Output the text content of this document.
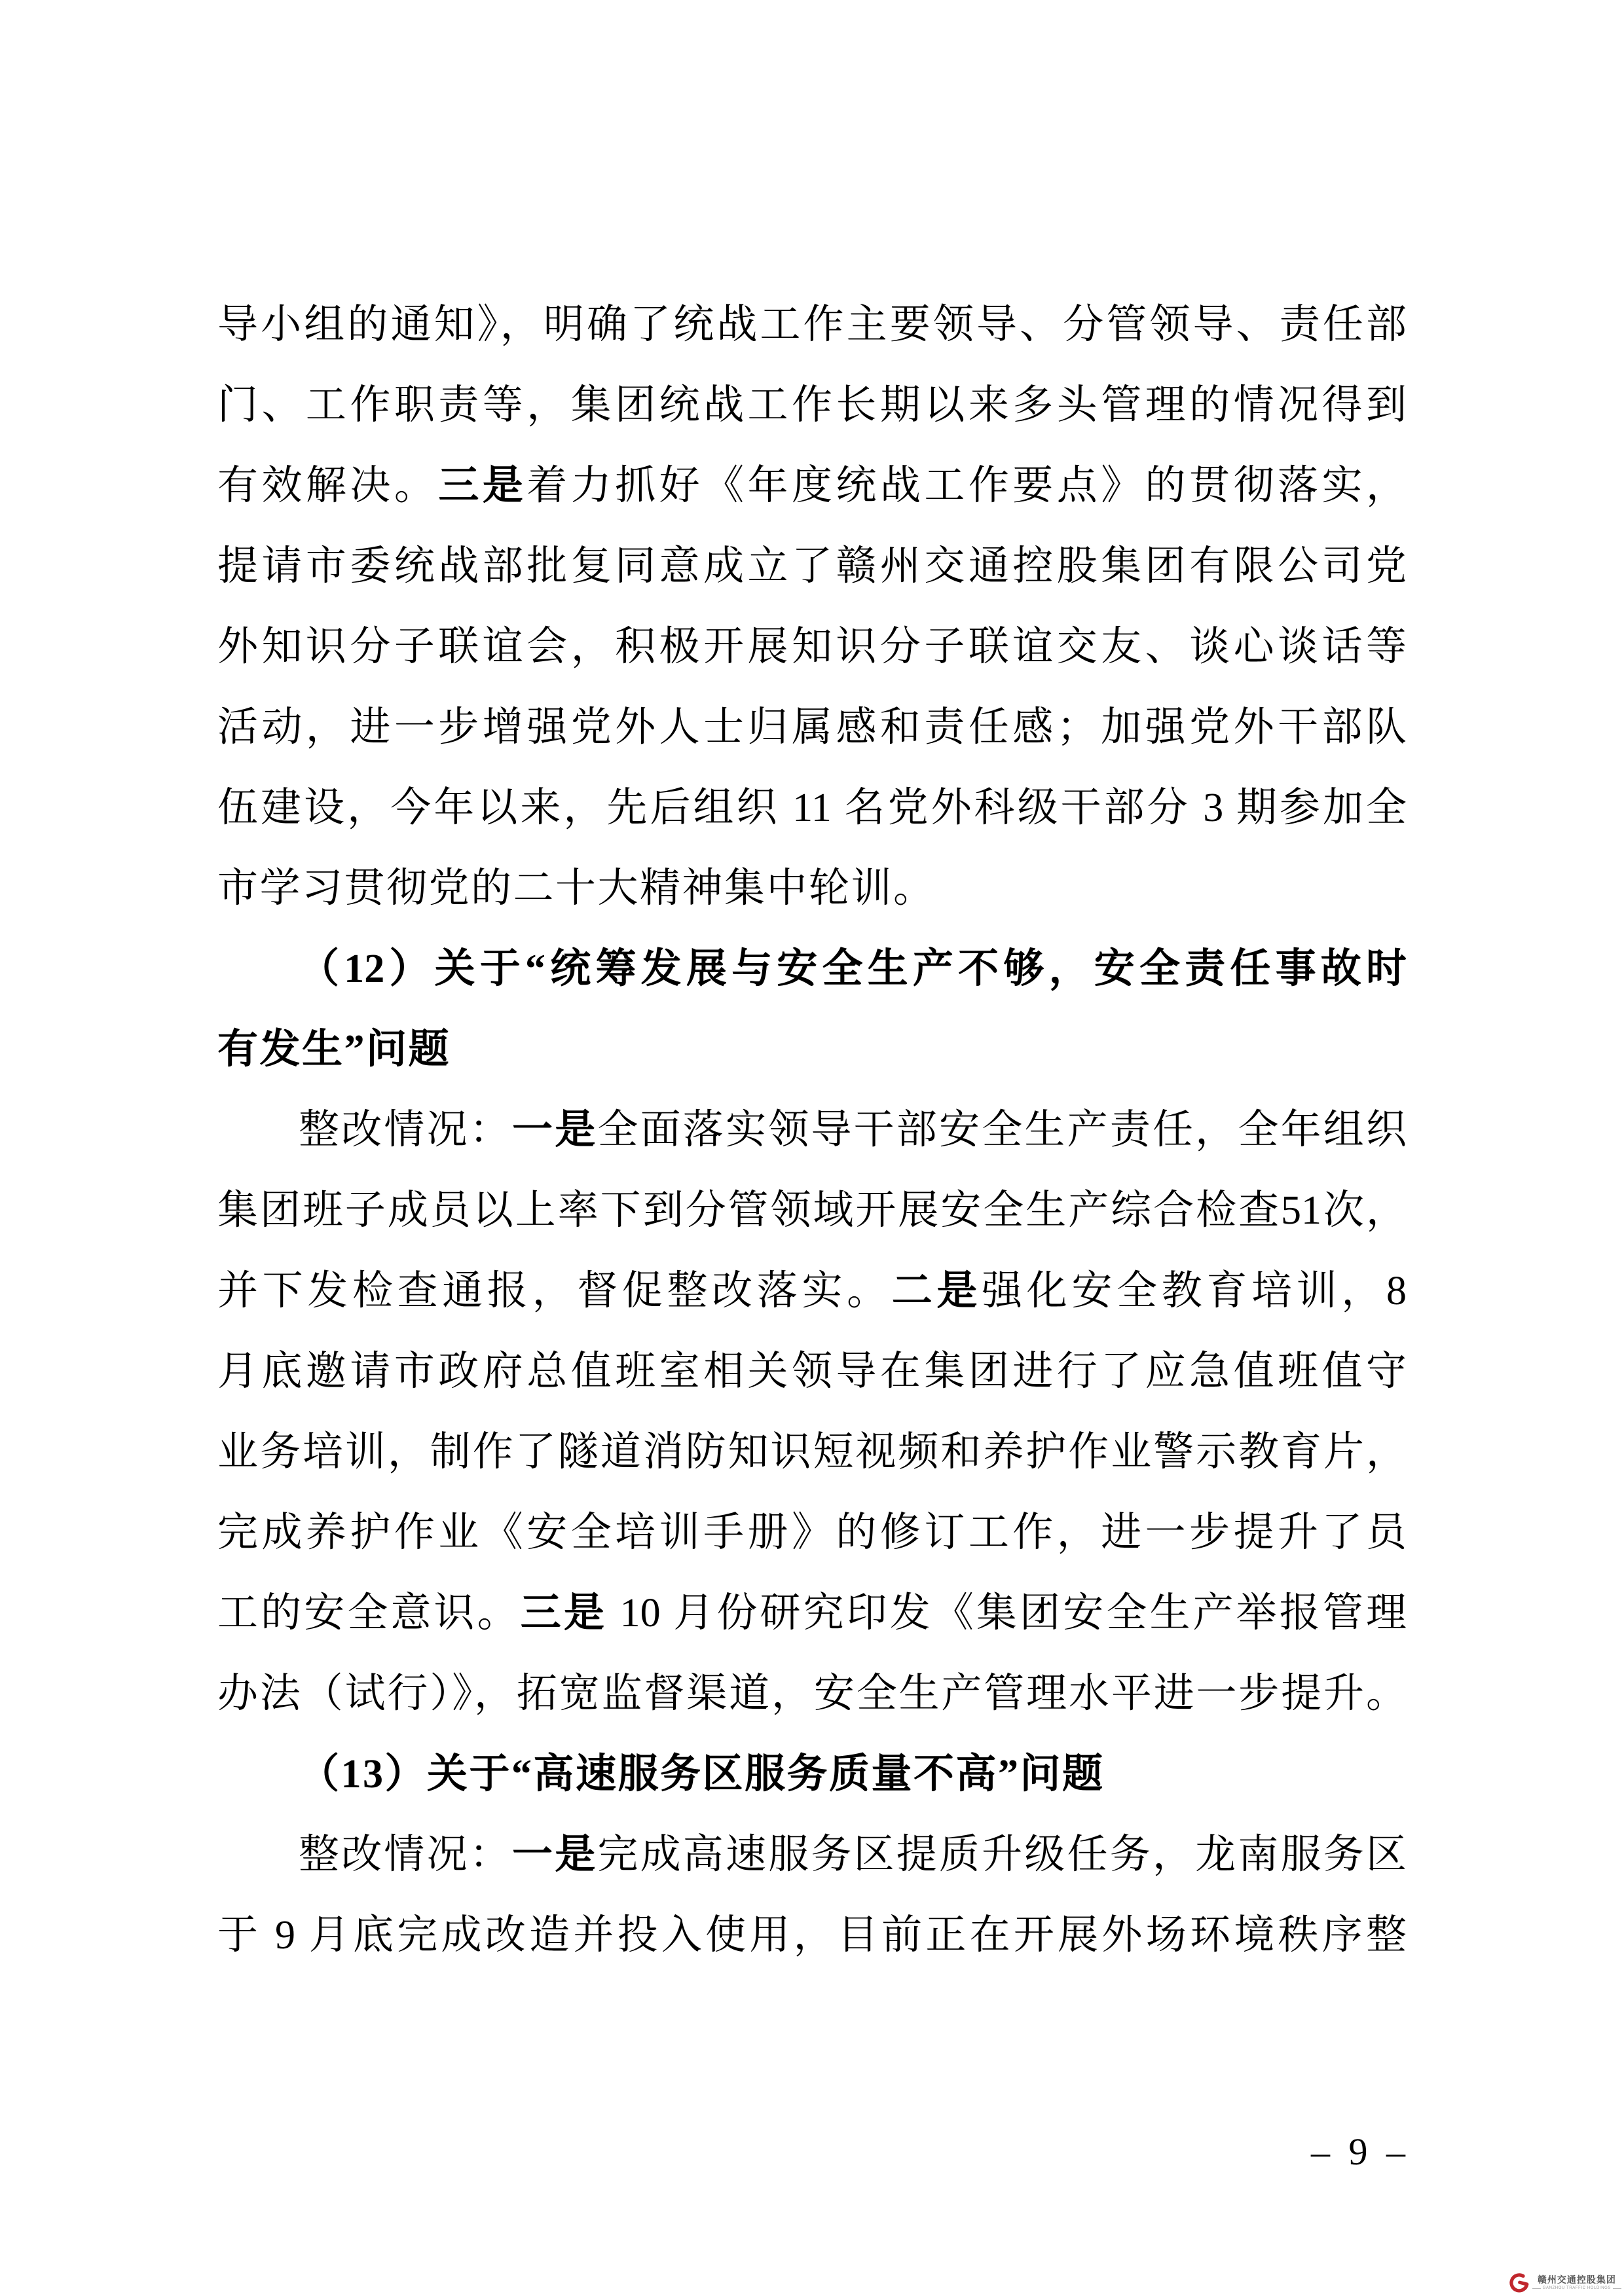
导小组的通知》，明确了统战工作主要领导、分管领导、责任部
门、工作职责等，集团统战工作长期以来多头管理的情况得到
有效解决。三是着力抓好《年度统战工作要点》的贯彻落实，
提请市委统战部批复同意成立了赣州交通控股集团有限公司党
外知识分子联谊会，积极开展知识分子联谊交友、谈心谈话等
活动，进一步增强党外人士归属感和责任感；加强党外干部队
伍建设，今年以来，先后组织 11 名党外科级干部分 3 期参加全
市学习贯彻党的二十大精神集中轮训。
（12）关于“统筹发展与安全生产不够，安全责任事故时
有发生”问题
整改情况：一是全面落实领导干部安全生产责任，全年组织
集团班子成员以上率下到分管领域开展安全生产综合检查51次，
并下发检查通报，督促整改落实。二是强化安全教育培训，8
月底邀请市政府总值班室相关领导在集团进行了应急值班值守
业务培训，制作了隧道消防知识短视频和养护作业警示教育片，
完成养护作业《安全培训手册》的修订工作，进一步提升了员
工的安全意识。三是 10 月份研究印发《集团安全生产举报管理
办法（试行）》，拓宽监督渠道，安全生产管理水平进一步提升。
（13）关于“高速服务区服务质量不高”问题
整改情况：一是完成高速服务区提质升级任务，龙南服务区
于 9 月底完成改造并投入使用，目前正在开展外场环境秩序整
– 9 –
赣州交通控股集团
GANZHOU TRAFFIC HOLDINGS
